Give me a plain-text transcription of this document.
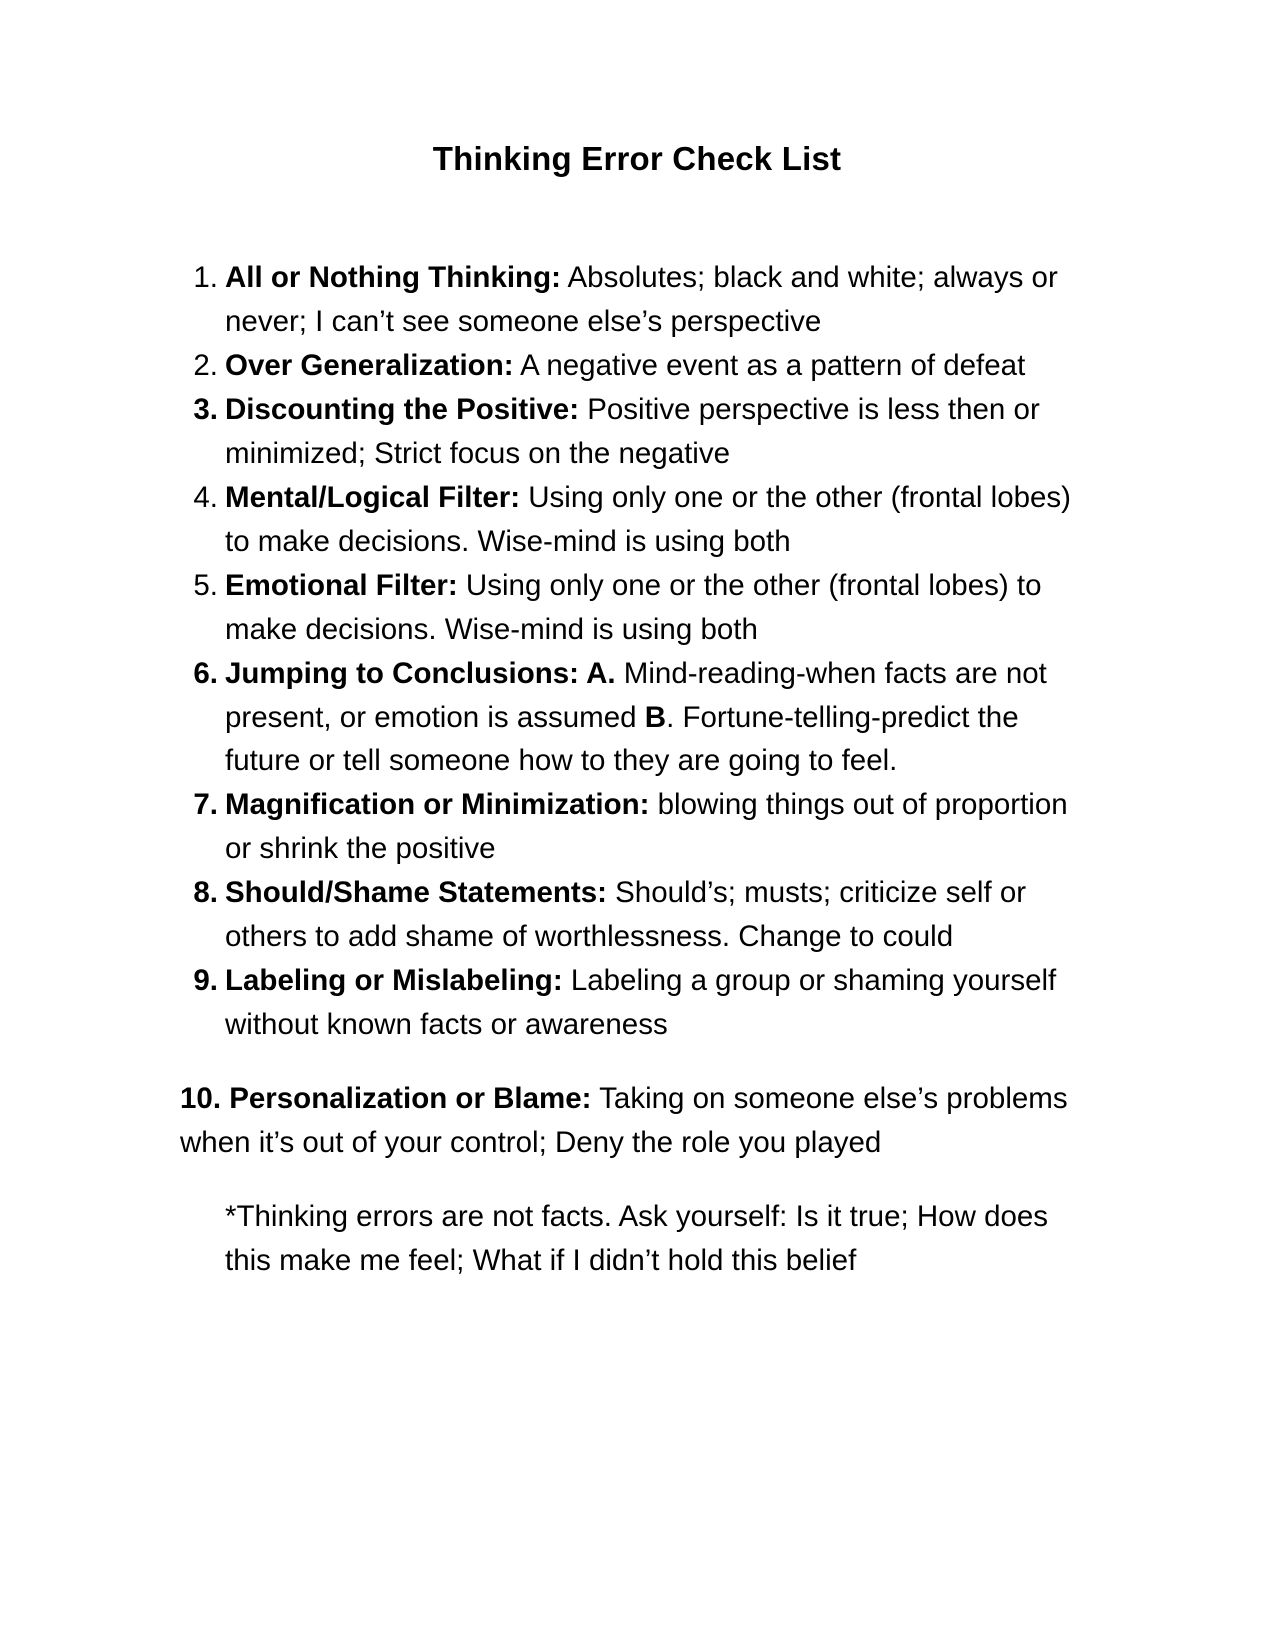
Thinking Error Check List
1. All or Nothing Thinking: Absolutes; black and white; always or never; I can’t see someone else’s perspective
2. Over Generalization: A negative event as a pattern of defeat
3. Discounting the Positive: Positive perspective is less then or minimized; Strict focus on the negative
4. Mental/Logical Filter: Using only one or the other (frontal lobes) to make decisions. Wise-mind is using both
5. Emotional Filter: Using only one or the other (frontal lobes) to make decisions. Wise-mind is using both
6. Jumping to Conclusions: A. Mind-reading-when facts are not present, or emotion is assumed B. Fortune-telling-predict the future or tell someone how to they are going to feel.
7. Magnification or Minimization: blowing things out of proportion or shrink the positive
8. Should/Shame Statements: Should’s; musts; criticize self or others to add shame of worthlessness. Change to could
9. Labeling or Mislabeling: Labeling a group or shaming yourself without known facts or awareness

10. Personalization or Blame: Taking on someone else’s problems when it’s out of your control; Deny the role you played

*Thinking errors are not facts. Ask yourself: Is it true; How does this make me feel; What if I didn’t hold this belief
